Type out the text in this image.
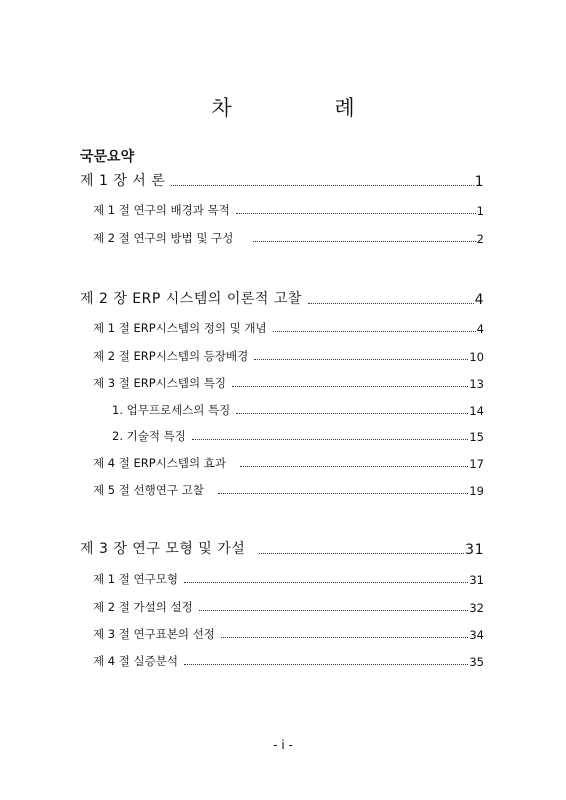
차 례
국문요약
제 1 장 서 론	1
제 1 절 연구의 배경과 목적	1
제 2 절 연구의 방법 및 구성	2
제 2 장 ERP 시스템의 이론적 고찰	4
제 1 절 ERP시스템의 정의 및 개념	4
제 2 절 ERP시스템의 등장배경	10
제 3 절 ERP시스템의 특징	13
1. 업무프로세스의 특징	14
2. 기술적 특징	15
제 4 절 ERP시스템의 효과	17
제 5 절 선행연구 고찰	19
제 3 장 연구 모형 및 가설	31
제 1 절 연구모형	31
제 2 절 가설의 설정	32
제 3 절 연구표본의 선정	34
제 4 절 실증분석	35
- i -
